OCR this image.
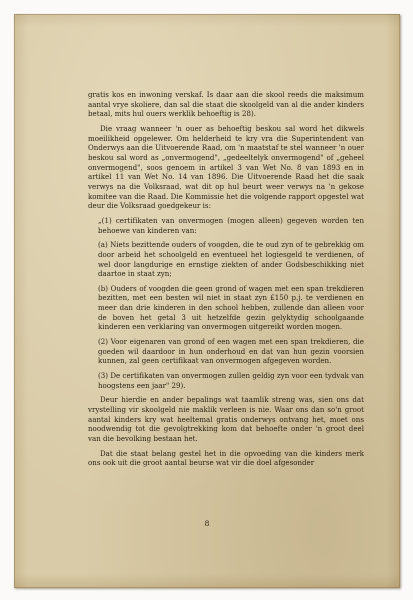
gratis kos en inwoning verskaf. Is daar aan die skool reeds die maksimum aantal vrye skoliere, dan sal die staat die skoolgeld van al die ander kinders betaal, mits hul ouers werklik behoeftig is 28).

Die vraag wanneer 'n ouer as behoeftig beskou sal word het dikwels moeilikheid opgelewer. Om helderheid te kry vra die Superintendent van Onderwys aan die Uitvoerende Raad, om 'n maatstaf te stel wanneer 'n ouer beskou sal word as „onvermogend", „gedeeltelyk onvermogend" of „geheel onvermogend", soos genoem in artikel 3 van Wet No. 8 van 1893 en in artikel 11 van Wet No. 14 van 1896. Die Uitvoerende Raad het die saak verwys na die Volksraad, wat dit op hul beurt weer verwys na 'n gekose komitee van die Raad. Die Kommissie het die volgende rapport opgestel wat deur die Volksraad goedgekeur is:

„(1) certifikaten van onvermogen (mogen alleen) gegeven worden ten behoewe van kinderen van:

(a) Niets bezittende ouders of voogden, die te oud zyn of te gebrekkig om door arbeid het schoolgeld en eventueel het logiesgeld te verdienen, of wel door langdurige en ernstige ziekten of ander Godsbeschikking niet daartoe in staat zyn;

(b) Ouders of voogden die geen grond of wagen met een span trekdieren bezitten, met een besten wil niet in staat zyn £150 p.j. te verdienen en meer dan drie kinderen in den school hebben, zullende dan alleen voor de boven het getal 3 uit hetzelfde gezin gelyktydig schoolgaande kinderen een verklaring van onvermogen uitgereikt worden mogen.

(2) Voor eigenaren van grond of een wagen met een span trekdieren, die goeden wil daardoor in hun onderhoud en dat van hun gezin voorsien kunnen, zal geen certifikaat van onvermogen afgegeven worden.

(3) De certifikaten van onvermogen zullen geldig zyn voor een tydvak van hoogstens een jaar" 29).

Deur hierdie en ander bepalings wat taamlik streng was, sien ons dat vrystelling vir skoolgeld nie maklik verleen is nie. Waar ons dan so'n groot aantal kinders kry wat heeltemal gratis onderwys ontvang het, moet ons noodwendig tot die gevolgtrekking kom dat behoefte onder 'n groot deel van die bevolking bestaan het.

Dat die staat belang gestel het in die opvoeding van die kinders merk ons ook uit die groot aantal beurse wat vir die doel afgesonder

8
